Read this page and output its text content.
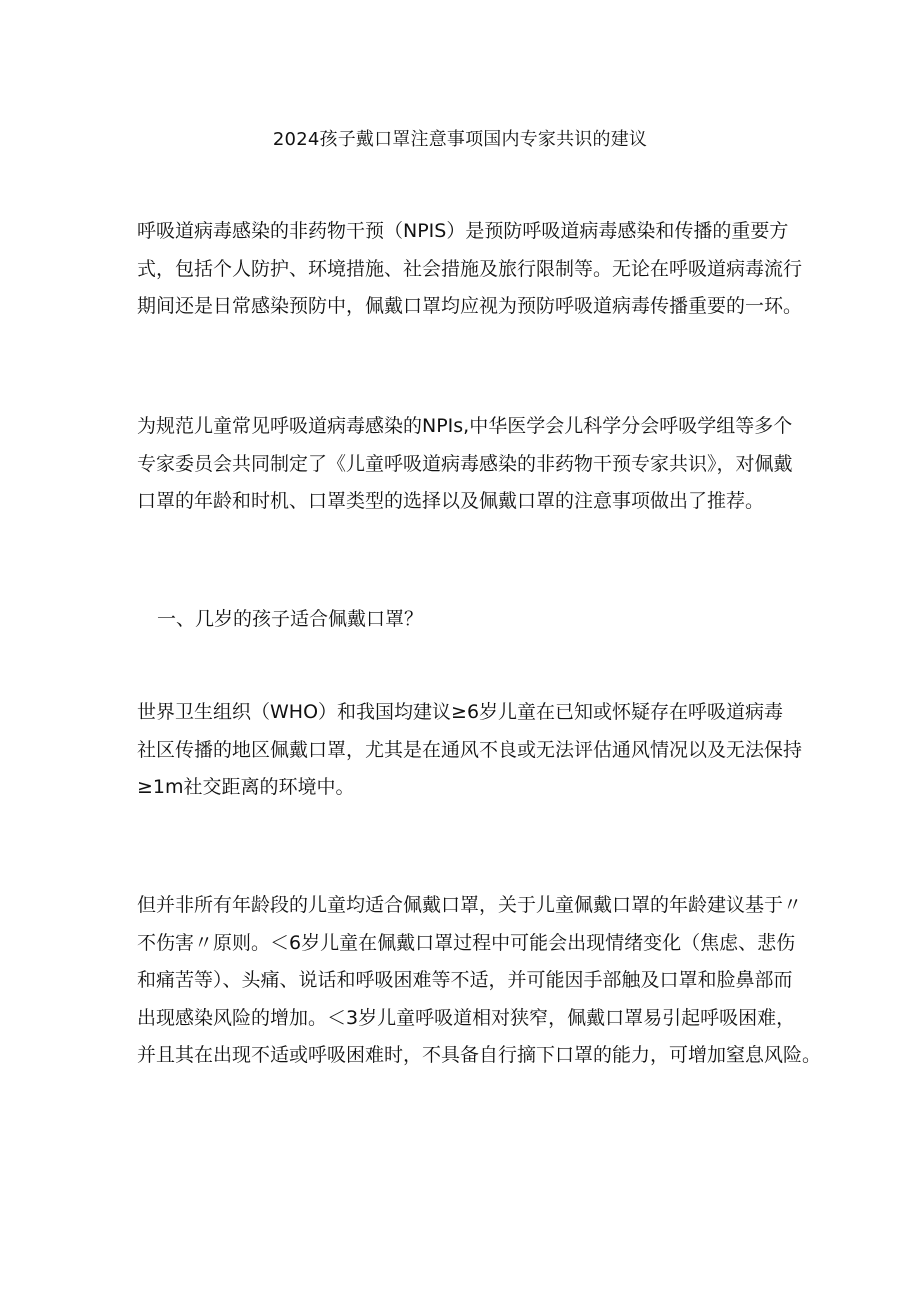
2024孩子戴口罩注意事项国内专家共识的建议
呼吸道病毒感染的非药物干预（NPIS）是预防呼吸道病毒感染和传播的重要方
式，包括个人防护、环境措施、社会措施及旅行限制等。无论在呼吸道病毒流行
期间还是日常感染预防中，佩戴口罩均应视为预防呼吸道病毒传播重要的一环。
为规范儿童常见呼吸道病毒感染的NPIs,中华医学会儿科学分会呼吸学组等多个
专家委员会共同制定了《儿童呼吸道病毒感染的非药物干预专家共识》，对佩戴
口罩的年龄和时机、口罩类型的选择以及佩戴口罩的注意事项做出了推荐。
一、几岁的孩子适合佩戴口罩？
世界卫生组织（WHO）和我国均建议≥6岁儿童在已知或怀疑存在呼吸道病毒
社区传播的地区佩戴口罩，尤其是在通风不良或无法评估通风情况以及无法保持
≥1m社交距离的环境中。
但并非所有年龄段的儿童均适合佩戴口罩，关于儿童佩戴口罩的年龄建议基于〃
不伤害〃原则。＜6岁儿童在佩戴口罩过程中可能会出现情绪变化（焦虑、悲伤
和痛苦等）、头痛、说话和呼吸困难等不适，并可能因手部触及口罩和脸鼻部而
出现感染风险的增加。＜3岁儿童呼吸道相对狭窄，佩戴口罩易引起呼吸困难，
并且其在出现不适或呼吸困难时，不具备自行摘下口罩的能力，可增加窒息风险。
